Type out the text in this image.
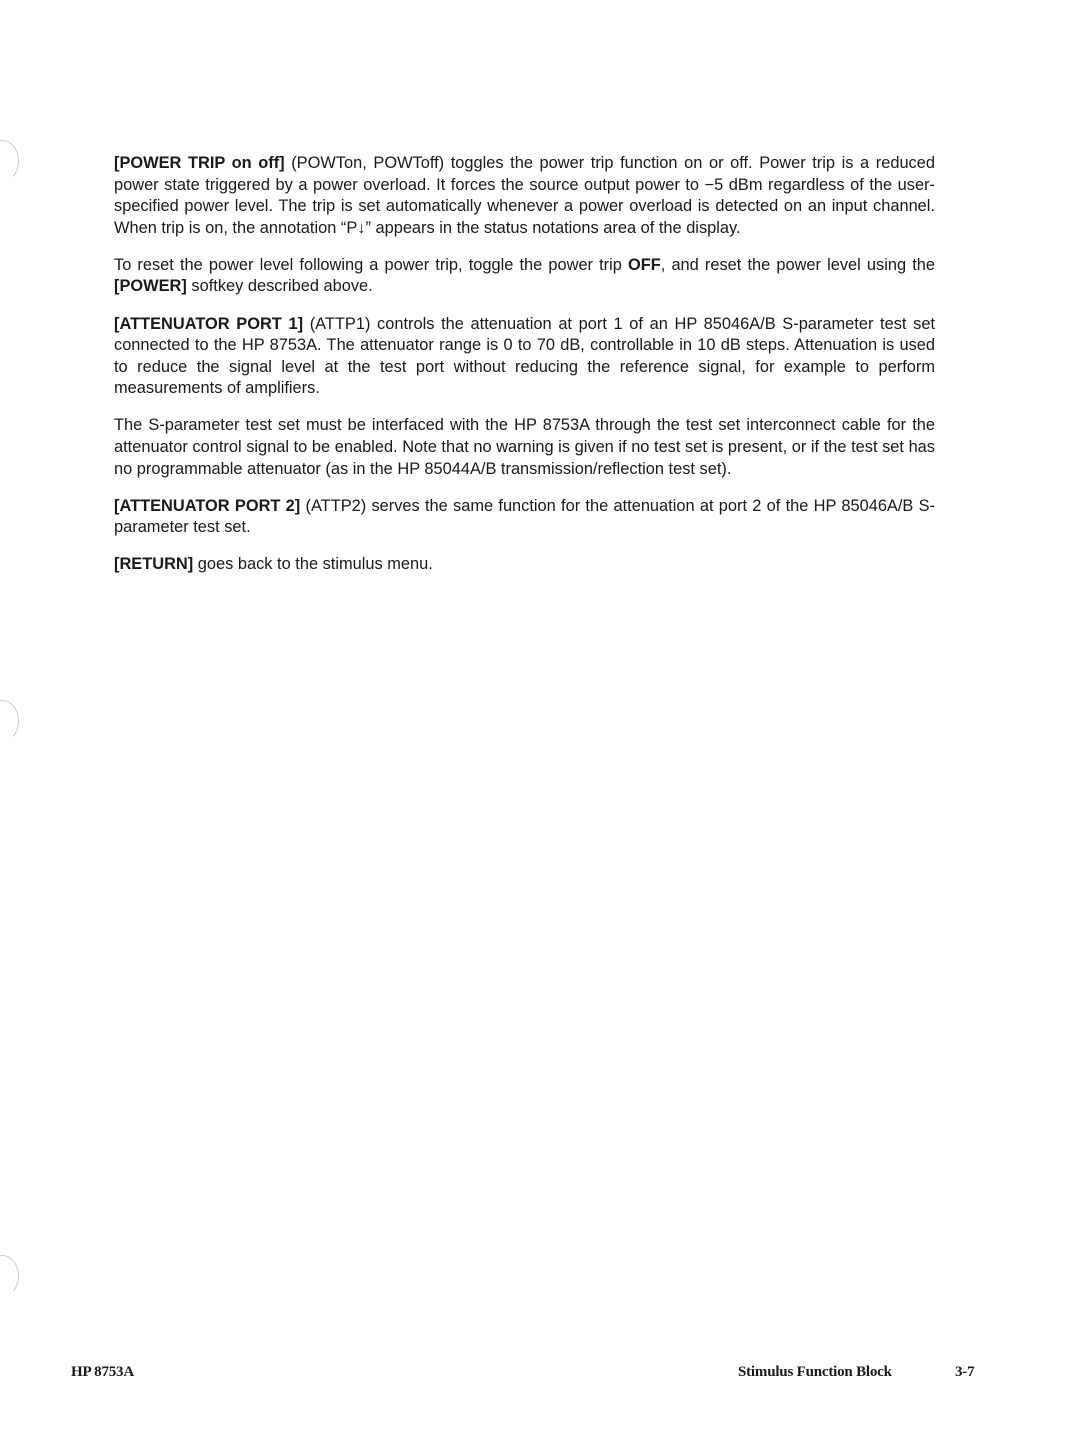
[POWER TRIP on off] (POWTon, POWToff) toggles the power trip function on or off. Power trip is a reduced power state triggered by a power overload. It forces the source output power to −5 dBm regardless of the user-specified power level. The trip is set automatically whenever a power overload is detected on an input channel. When trip is on, the annotation “P↓” appears in the status notations area of the display.

To reset the power level following a power trip, toggle the power trip OFF, and reset the power level using the [POWER] softkey described above.

[ATTENUATOR PORT 1] (ATTP1) controls the attenuation at port 1 of an HP 85046A/B S-parameter test set connected to the HP 8753A. The attenuator range is 0 to 70 dB, controllable in 10 dB steps. Attenuation is used to reduce the signal level at the test port without reducing the reference signal, for example to perform measurements of amplifiers.

The S-parameter test set must be interfaced with the HP 8753A through the test set interconnect cable for the attenuator control signal to be enabled. Note that no warning is given if no test set is present, or if the test set has no programmable attenuator (as in the HP 85044A/B transmission/reflection test set).

[ATTENUATOR PORT 2] (ATTP2) serves the same function for the attenuation at port 2 of the HP 85046A/B S-parameter test set.

[RETURN] goes back to the stimulus menu.

HP 8753A	Stimulus Function Block	3-7
